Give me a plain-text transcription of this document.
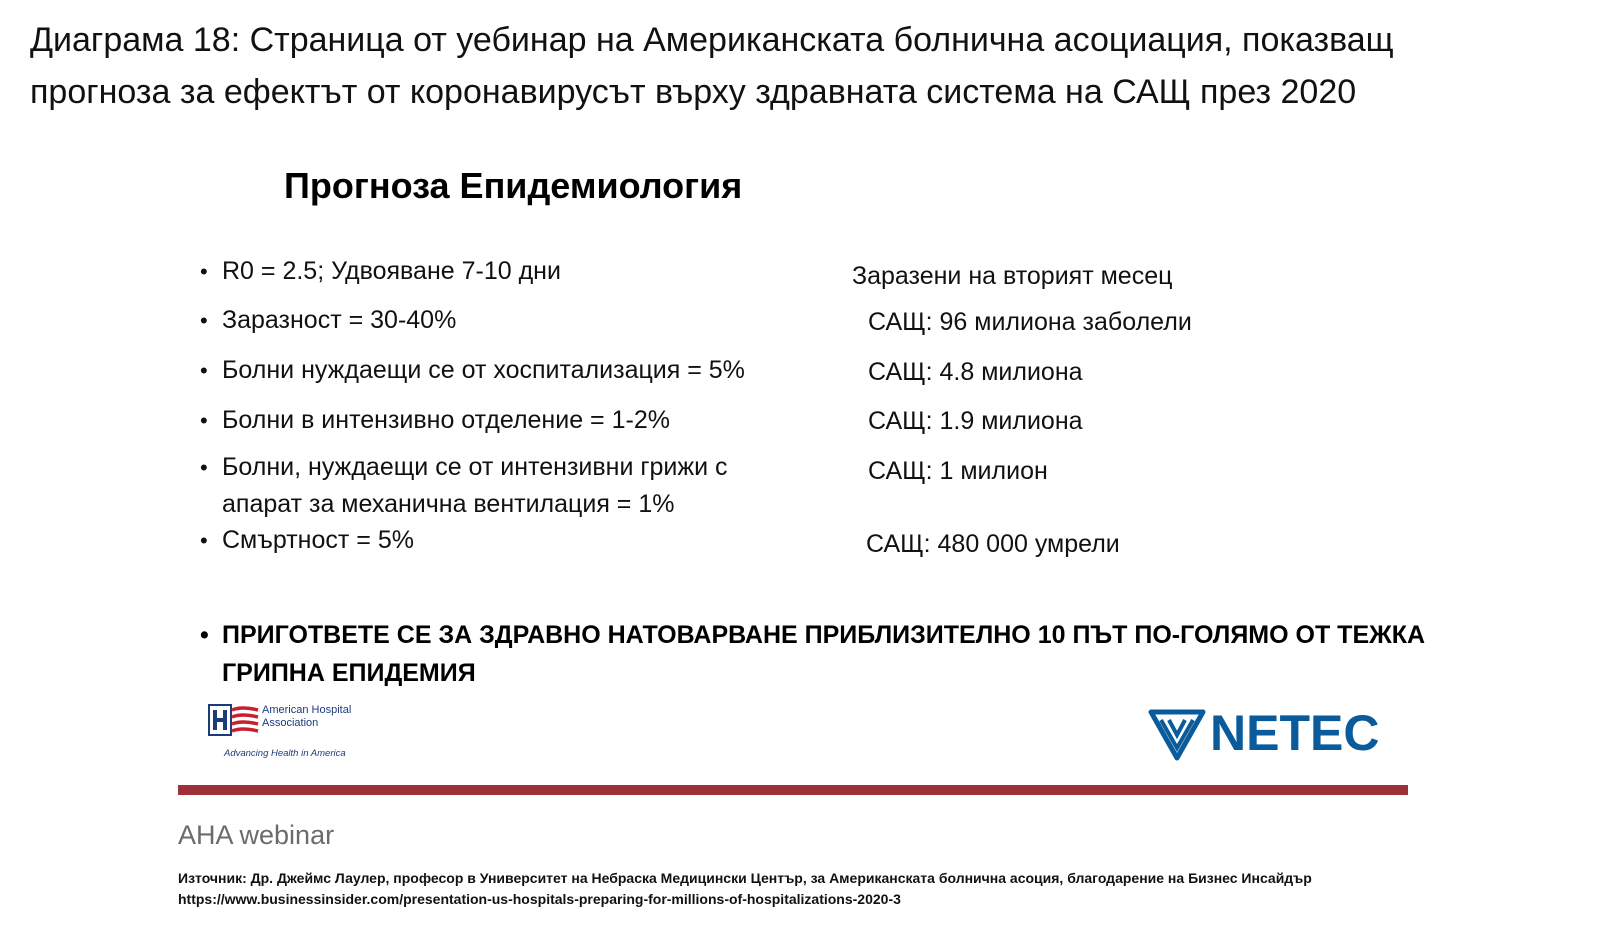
Диаграма 18: Страница от уебинар на Американската болнична асоциация, показващ
прогноза за ефектът от коронавирусът върху здравната система на САЩ през 2020
Прогноза Епидемиология
• R0 = 2.5; Удвояване 7-10 дни
• Заразност = 30-40%
• Болни нуждаещи се от хоспитализация = 5%
• Болни в интензивно отделение = 1-2%
• Болни, нуждаещи се от интензивни грижи с
апарат за механична вентилация = 1%
• Смъртност = 5%
Заразени на вторият месец
САЩ: 96 милиона заболели
САЩ: 4.8 милиона
САЩ: 1.9 милиона
САЩ: 1 милион
САЩ: 480 000 умрели
• ПРИГОТВЕТЕ СЕ ЗА ЗДРАВНО НАТОВАРВАНЕ ПРИБЛИЗИТЕЛНО 10 ПЪТ ПО-ГОЛЯМО ОТ ТЕЖКА
ГРИПНА ЕПИДЕМИЯ
American Hospital
Association
Advancing Health in America	NETEC
AHA webinar
Източник: Др. Джеймс Лаулер, професор в Университет на Небраска Медицински Център, за Американската болнична асоция, благодарение на Бизнес Инсайдър
https://www.businessinsider.com/presentation-us-hospitals-preparing-for-millions-of-hospitalizations-2020-3
